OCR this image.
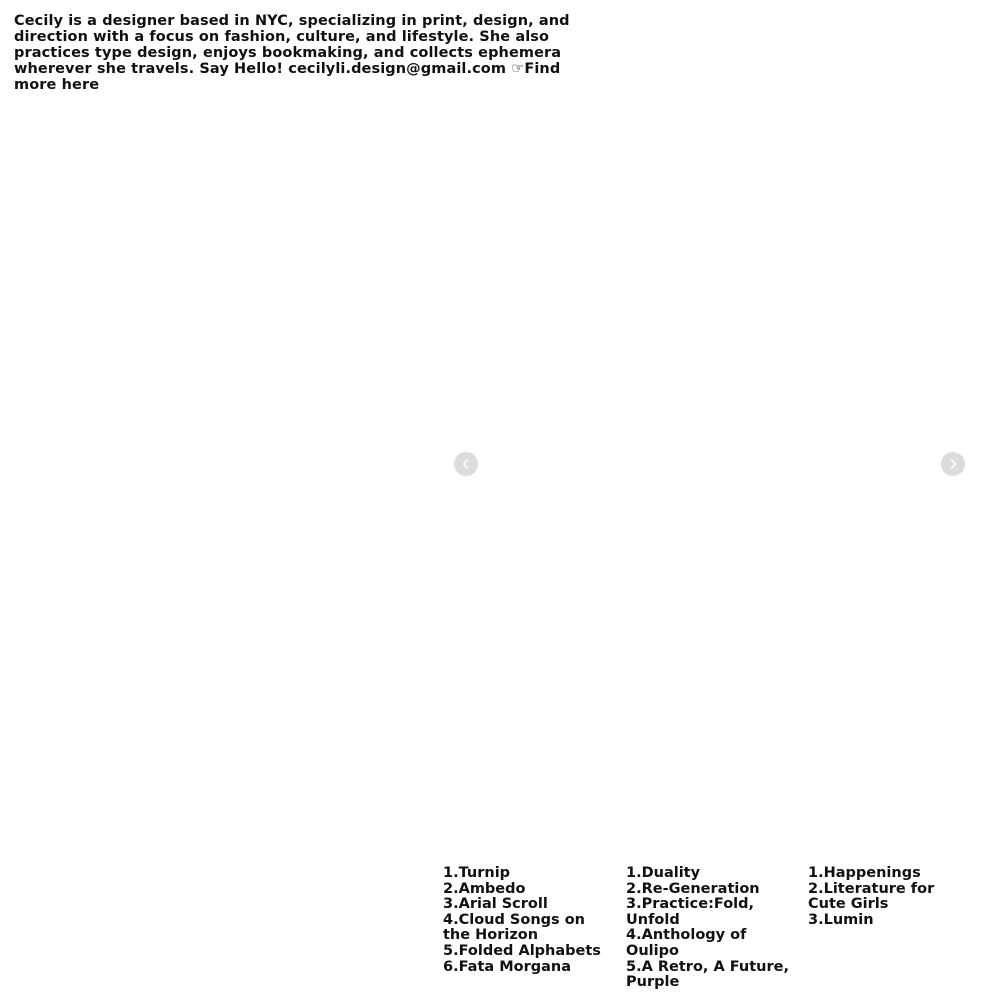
Cecily is a designer based in NYC, specializing in print, design, and direction with a focus on fashion, culture, and lifestyle. She also practices type design, enjoys bookmaking, and collects ephemera wherever she travels. Say Hello! cecilyli.design@gmail.com ☞Find more here
1.Turnip
2.Ambedo
3.Arial Scroll
4.Cloud Songs on the Horizon
5.Folded Alphabets
6.Fata Morgana
1.Duality
2.Re-Generation
3.Practice:Fold, Unfold
4.Anthology of Oulipo
5.A Retro, A Future, Purple
1.Happenings
2.Literature for Cute Girls
3.Lumin
